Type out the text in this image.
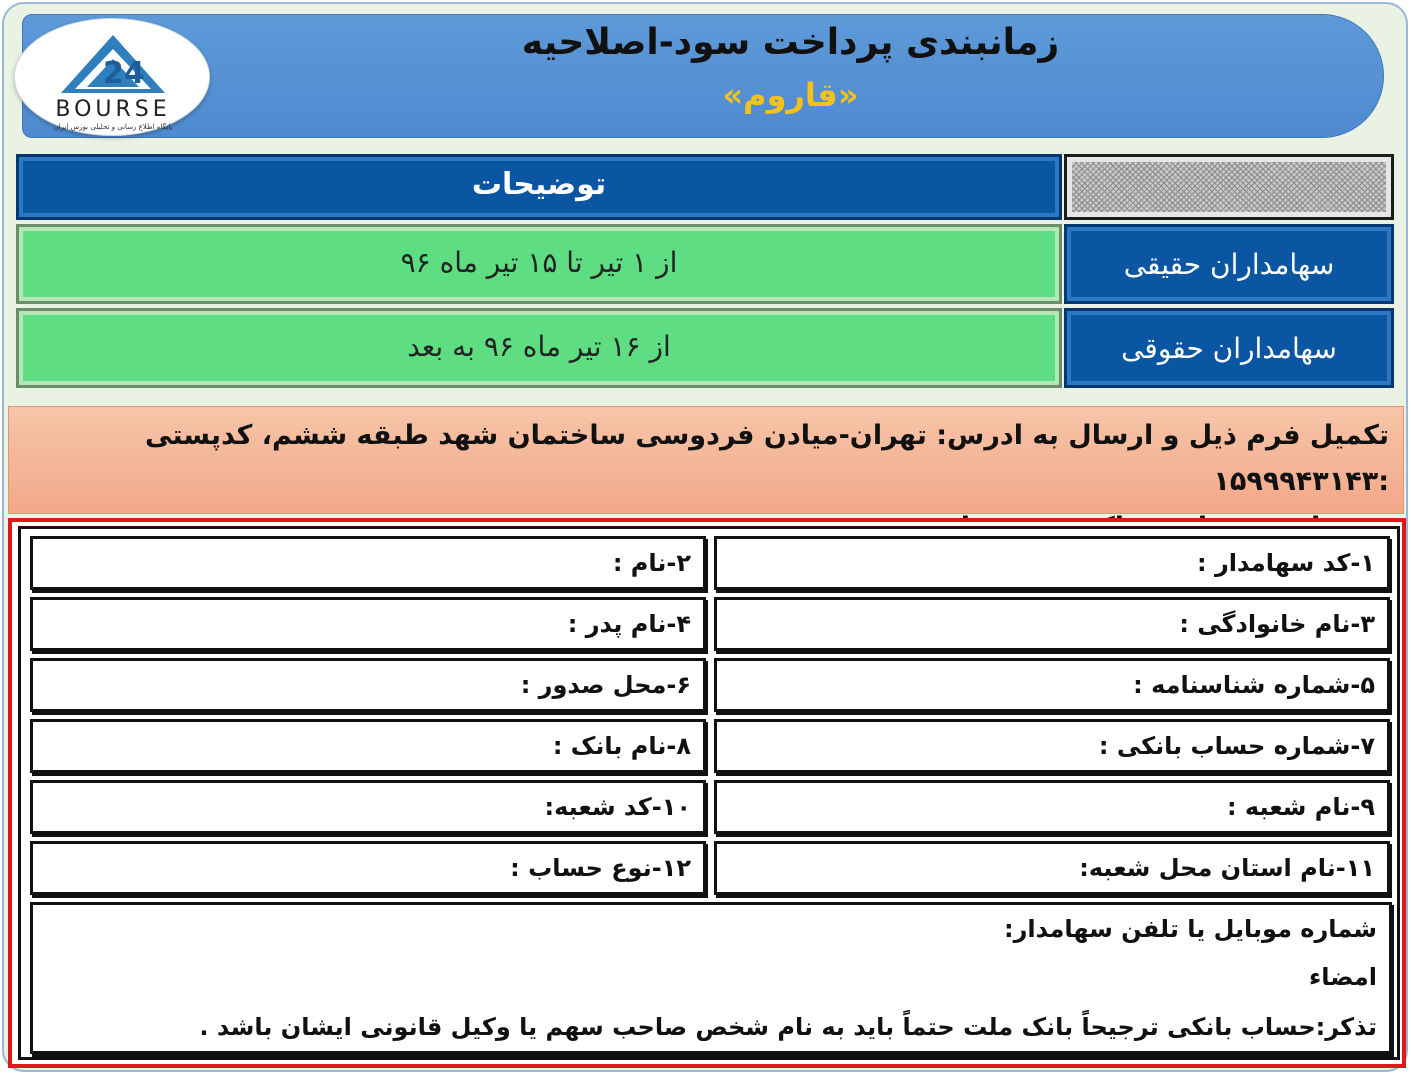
زمانبندی پرداخت سود-اصلاحیه
«قاروم»
24
BOURSE
پایگاه اطلاع رسانی و تحلیلی بورس ایران
توضیحات
از ۱ تیر تا ۱۵ تیر ماه ۹۶	سهامداران حقیقی
از ۱۶ تیر ماه ۹۶ به بعد	سهامداران حقوقی
تکمیل فرم ذیل و ارسال به ادرس: تهران-میادن فردوسی ساختمان شهد طبقه ششم، کدپستی :۱۵۹۹۹۴۳۱۴۳
۱-کد سهامدار :
۲-نام :
۳-نام خانوادگی :
۴-نام پدر :
۵-شماره شناسنامه :
۶-محل صدور :
۷-شماره حساب بانکی :
۸-نام بانک :
۹-نام شعبه :
۱۰-کد شعبه:
۱۱-نام استان محل شعبه:
۱۲-نوع حساب :
شماره موبایل یا تلفن سهامدار:
امضاء
تذکر:حساب بانکی ترجیحاً بانک ملت حتماً باید به نام شخص صاحب سهم یا وکیل قانونی ایشان باشد .
